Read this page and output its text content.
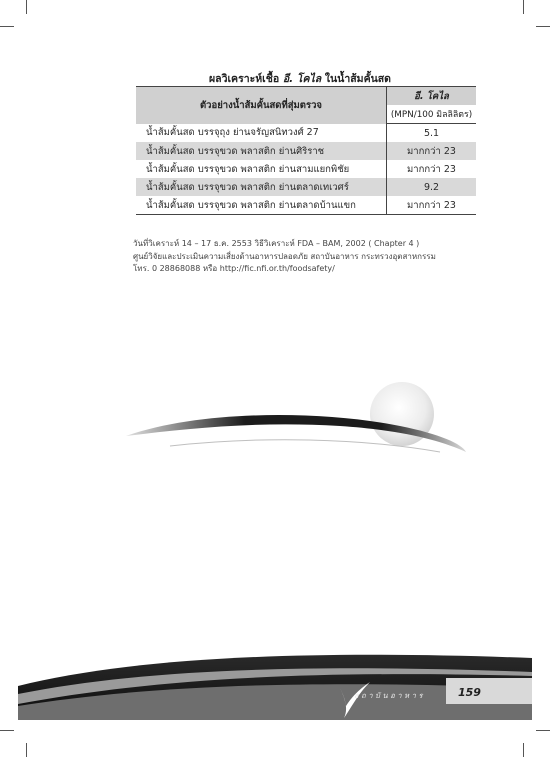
ผลวิเคราะห์เชื้อ อี. โคไล ในน้ำส้มคั้นสด
ตัวอย่างน้ำส้มคั้นสดที่สุ่มตรวจ	อี. โคไล
	(MPN/100 มิลลิลิตร)
น้ำส้มคั้นสด บรรจุถุง ย่านจรัญสนิทวงศ์ 27	5.1
น้ำส้มคั้นสด บรรจุขวด พลาสติก ย่านศิริราช	มากกว่า 23
น้ำส้มคั้นสด บรรจุขวด พลาสติก ย่านสามแยกพิชัย	มากกว่า 23
น้ำส้มคั้นสด บรรจุขวด พลาสติก ย่านตลาดเทเวศร์	9.2
น้ำส้มคั้นสด บรรจุขวด พลาสติก ย่านตลาดบ้านแขก	มากกว่า 23
วันที่วิเคราะห์ 14 – 17 ธ.ค. 2553 วิธีวิเคราะห์ FDA – BAM, 2002 ( Chapter 4 )
ศูนย์วิจัยและประเมินความเสี่ยงด้านอาหารปลอดภัย สถาบันอาหาร กระทรวงอุตสาหกรรม
โทร. 0 28868088 หรือ http://fic.nfi.or.th/foodsafety/
สถาบันอาหาร	159
